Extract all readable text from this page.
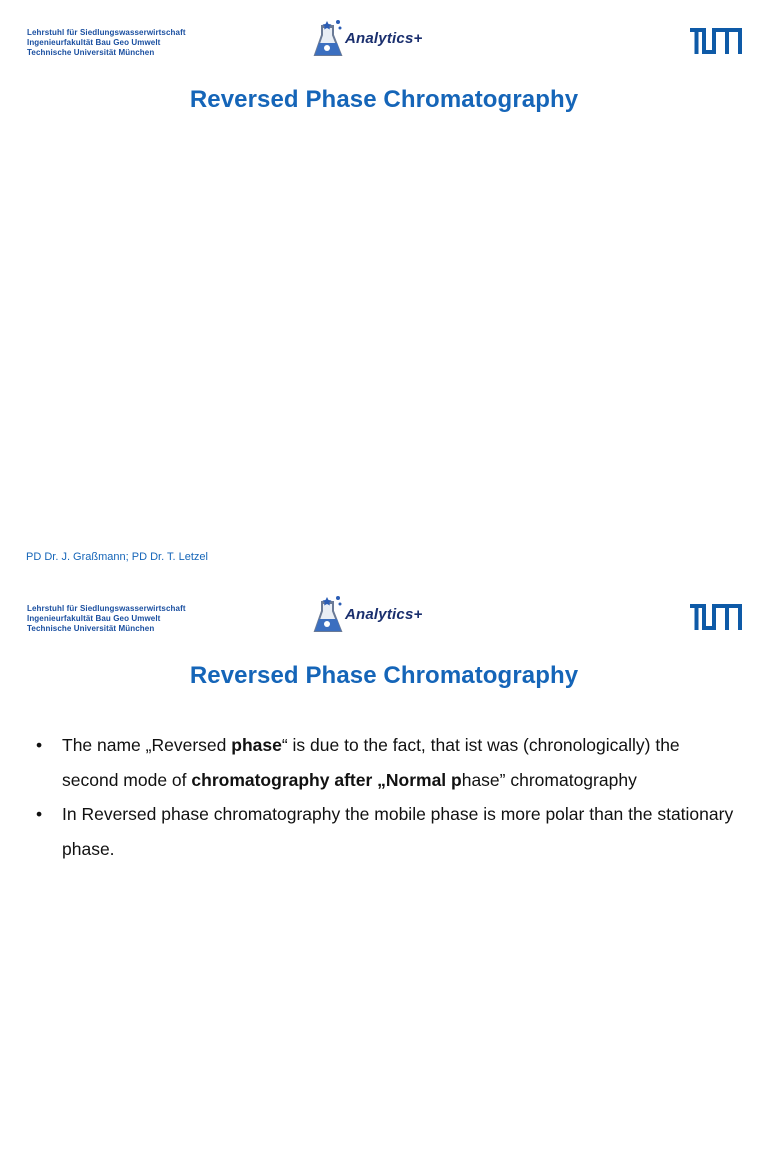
Lehrstuhl für Siedlungswasserwirtschaft
Ingenieurfakultät Bau Geo Umwelt
Technische Universität München
Analytics+
Reversed Phase Chromatography
PD Dr. J. Graßmann; PD Dr. T. Letzel
Lehrstuhl für Siedlungswasserwirtschaft
Ingenieurfakultät Bau Geo Umwelt
Technische Universität München
Analytics+
Reversed Phase Chromatography
• The name „Reversed phase“ is due to the fact, that ist was (chronologically) the second mode of chromatography after „Normal phase” chromatography
• In Reversed phase chromatography the mobile phase is more polar than the stationary phase.
